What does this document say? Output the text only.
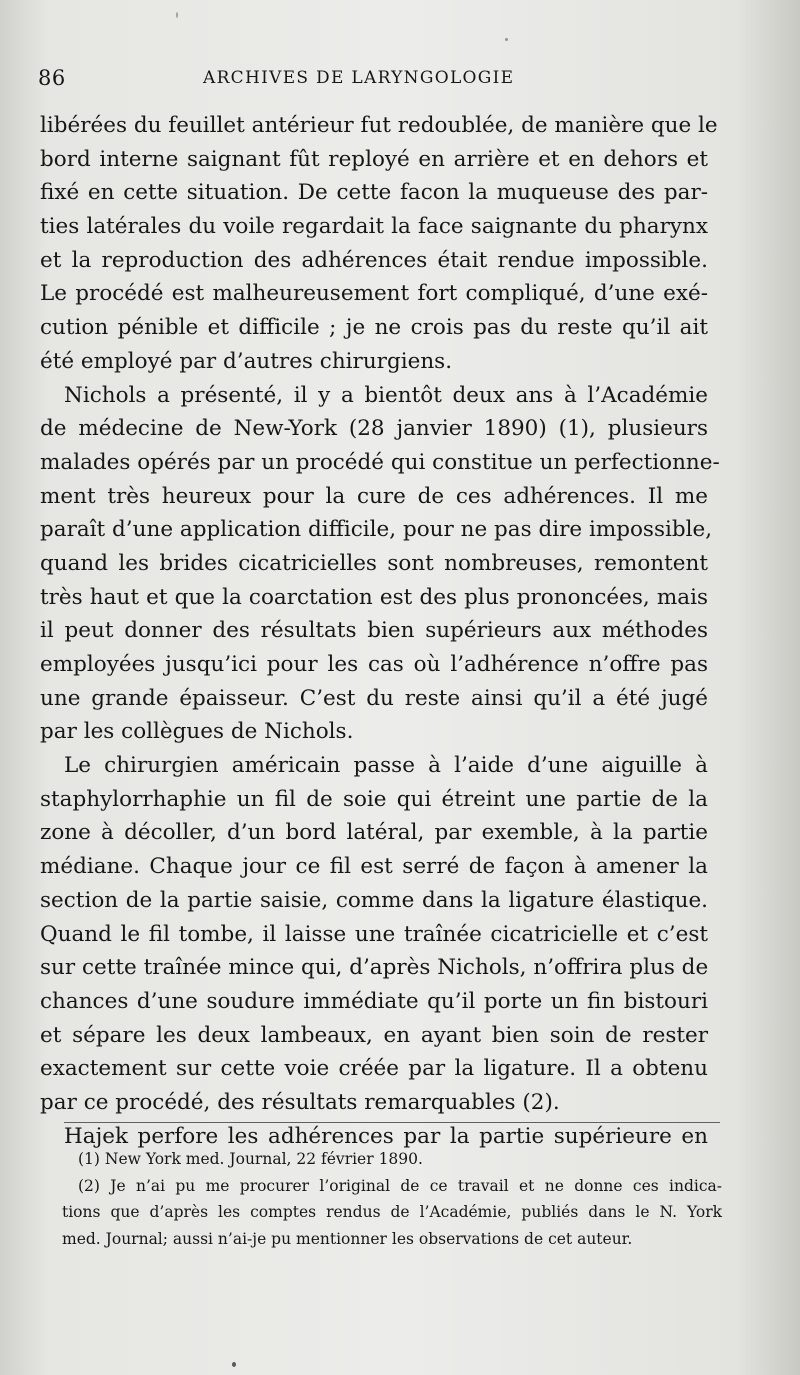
86	ARCHIVES DE LARYNGOLOGIE
libérées du feuillet antérieur fut redoublée, de manière que le
bord interne saignant fût reployé en arrière et en dehors et
fixé en cette situation. De cette facon la muqueuse des par-
ties latérales du voile regardait la face saignante du pharynx
et la reproduction des adhérences était rendue impossible.
Le procédé est malheureusement fort compliqué, d’une exé-
cution pénible et difficile ; je ne crois pas du reste qu’il ait
été employé par d’autres chirurgiens.
Nichols a présenté, il y a bientôt deux ans à l’Académie
de médecine de New-York (28 janvier 1890) (1), plusieurs
malades opérés par un procédé qui constitue un perfectionne-
ment très heureux pour la cure de ces adhérences. Il me
paraît d’une application difficile, pour ne pas dire impossible,
quand les brides cicatricielles sont nombreuses, remontent
très haut et que la coarctation est des plus prononcées, mais
il peut donner des résultats bien supérieurs aux méthodes
employées jusqu’ici pour les cas où l’adhérence n’offre pas
une grande épaisseur. C’est du reste ainsi qu’il a été jugé
par les collègues de Nichols.
Le chirurgien américain passe à l’aide d’une aiguille à
staphylorrhaphie un fil de soie qui étreint une partie de la
zone à décoller, d’un bord latéral, par exemble, à la partie
médiane. Chaque jour ce fil est serré de façon à amener la
section de la partie saisie, comme dans la ligature élastique.
Quand le fil tombe, il laisse une traînée cicatricielle et c’est
sur cette traînée mince qui, d’après Nichols, n’offrira plus de
chances d’une soudure immédiate qu’il porte un fin bistouri
et sépare les deux lambeaux, en ayant bien soin de rester
exactement sur cette voie créée par la ligature. Il a obtenu
par ce procédé, des résultats remarquables (2).
Hajek perfore les adhérences par la partie supérieure en
(1) New York med. Journal, 22 février 1890.
(2) Je n’ai pu me procurer l’original de ce travail et ne donne ces indica-
tions que d’après les comptes rendus de l’Académie, publiés dans le N. York
med. Journal; aussi n’ai-je pu mentionner les observations de cet auteur.
